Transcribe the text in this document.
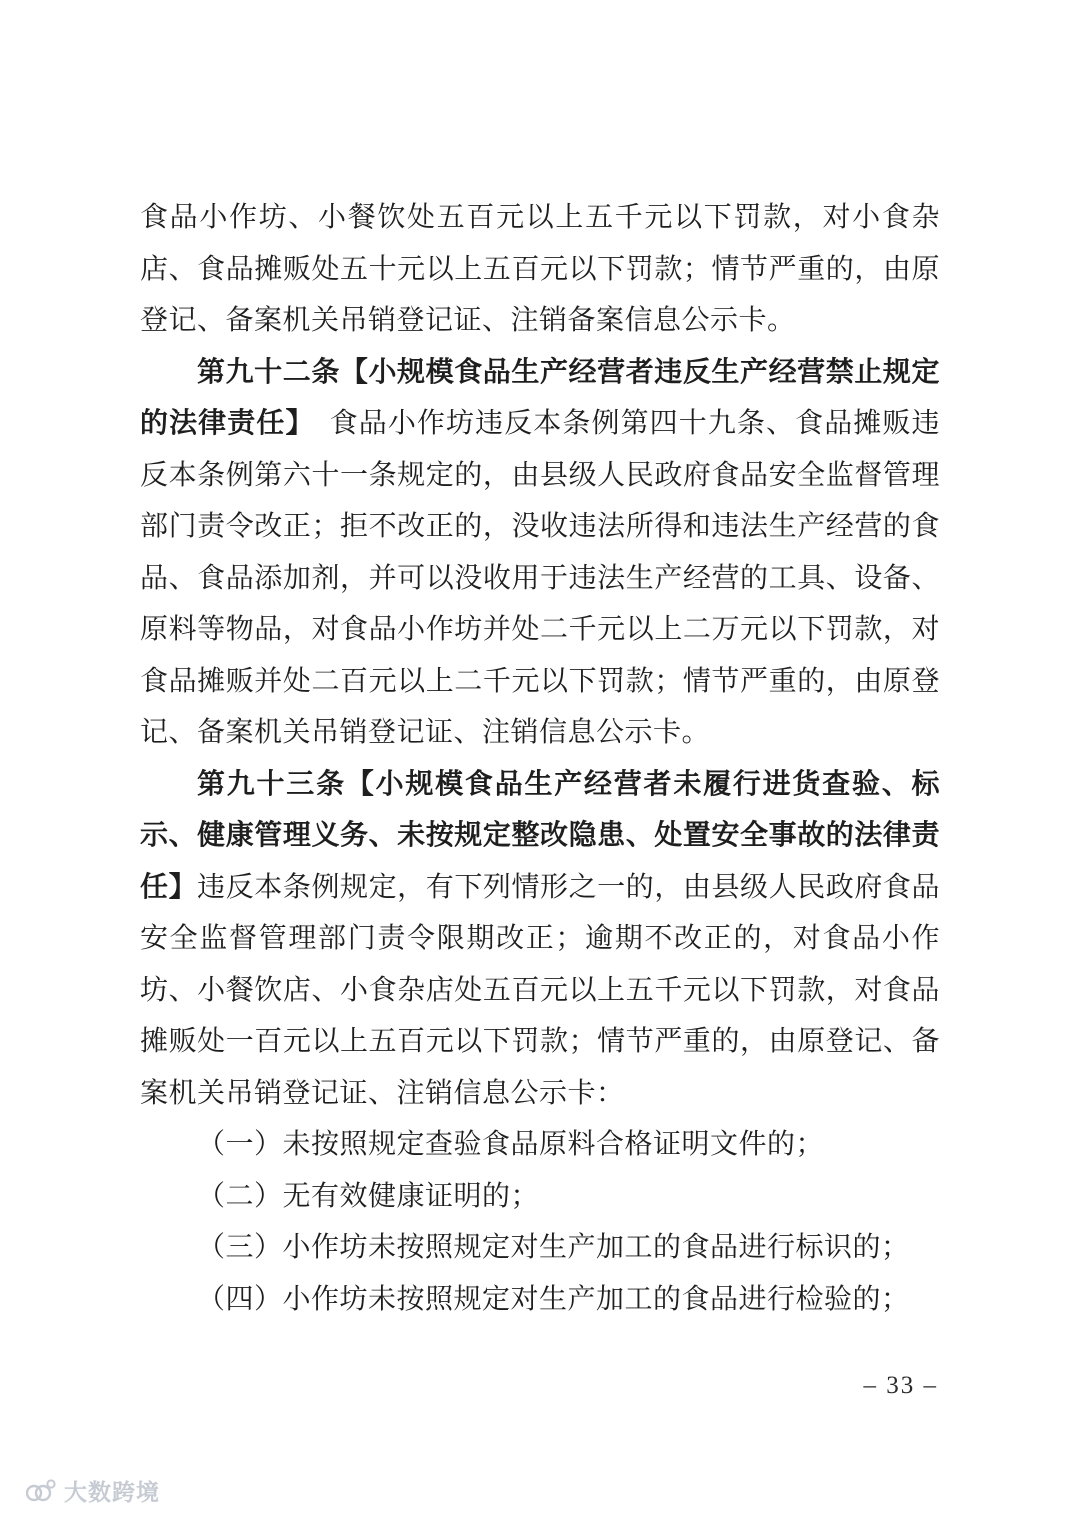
食品小作坊、小餐饮处五百元以上五千元以下罚款，对小食杂店、食品摊贩处五十元以上五百元以下罚款；情节严重的，由原登记、备案机关吊销登记证、注销备案信息公示卡。

第九十二条【小规模食品生产经营者违反生产经营禁止规定的法律责任】　食品小作坊违反本条例第四十九条、食品摊贩违反本条例第六十一条规定的，由县级人民政府食品安全监督管理部门责令改正；拒不改正的，没收违法所得和违法生产经营的食品、食品添加剂，并可以没收用于违法生产经营的工具、设备、原料等物品，对食品小作坊并处二千元以上二万元以下罚款，对食品摊贩并处二百元以上二千元以下罚款；情节严重的，由原登记、备案机关吊销登记证、注销信息公示卡。

第九十三条【小规模食品生产经营者未履行进货查验、标示、健康管理义务、未按规定整改隐患、处置安全事故的法律责任】违反本条例规定，有下列情形之一的，由县级人民政府食品安全监督管理部门责令限期改正；逾期不改正的，对食品小作坊、小餐饮店、小食杂店处五百元以上五千元以下罚款，对食品摊贩处一百元以上五百元以下罚款；情节严重的，由原登记、备案机关吊销登记证、注销信息公示卡：

（一）未按照规定查验食品原料合格证明文件的；

（二）无有效健康证明的；

（三）小作坊未按照规定对生产加工的食品进行标识的；

（四）小作坊未按照规定对生产加工的食品进行检验的；

– 33 –
大数跨境
